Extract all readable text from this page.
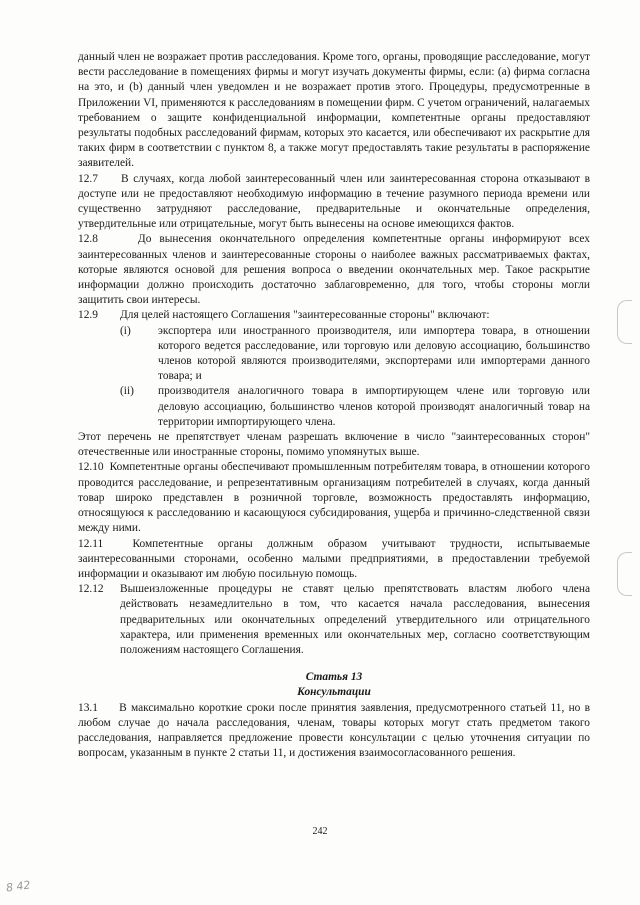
данный член не возражает против расследования. Кроме того, органы, проводящие расследование, могут вести расследование в помещениях фирмы и могут изучать документы фирмы, если: (а) фирма согласна на это, и (b) данный член уведомлен и не возражает против этого. Процедуры, предусмотренные в Приложении VI, применяются к расследованиям в помещении фирм. С учетом ограничений, налагаемых требованием о защите конфиденциальной информации, компетентные органы предоставляют результаты подобных расследований фирмам, которых это касается, или обеспечивают их раскрытие для таких фирм в соответствии с пунктом 8, а также могут предоставлять такие результаты в распоряжение заявителей.

12.7 В случаях, когда любой заинтересованный член или заинтересованная сторона отказывают в доступе или не предоставляют необходимую информацию в течение разумного периода времени или существенно затрудняют расследование, предварительные и окончательные определения, утвердительные или отрицательные, могут быть вынесены на основе имеющихся фактов.

12.8	До вынесения окончательного определения компетентные органы информируют всех заинтересованных членов и заинтересованные стороны о наиболее важных рассматриваемых фактах, которые являются основой для решения вопроса о введении окончательных мер. Такое раскрытие информации должно происходить достаточно заблаговременно, для того, чтобы стороны могли защитить свои интересы.

12.9	Для целей настоящего Соглашения "заинтересованные стороны" включают:
(i)	экспортера или иностранного производителя, или импортера товара, в отношении которого ведется расследование, или торговую или деловую ассоциацию, большинство членов которой являются производителями, экспортерами или импортерами данного товара; и
(ii)	производителя аналогичного товара в импортирующем члене или торговую или деловую ассоциацию, большинство членов которой производят аналогичный товар на территории импортирующего члена.

Этот перечень не препятствует членам разрешать включение в число "заинтересованных сторон" отечественные или иностранные стороны, помимо упомянутых выше.

12.10 Компетентные органы обеспечивают промышленным потребителям товара, в отношении которого проводится расследование, и репрезентативным организациям потребителей в случаях, когда данный товар широко представлен в розничной торговле, возможность предоставлять информацию, относящуюся к расследованию и касающуюся субсидирования, ущерба и причинно-следственной связи между ними.

12.11	Компетентные органы должным образом учитывают трудности, испытываемые заинтересованными сторонами, особенно малыми предприятиями, в предоставлении требуемой информации и оказывают им любую посильную помощь.

12.12	Вышеизложенные процедуры не ставят целью препятствовать властям любого члена действовать незамедлительно в том, что касается начала расследования, вынесения предварительных или окончательных определений утвердительного или отрицательного характера, или применения временных или окончательных мер, согласно соответствующим положениям настоящего Соглашения.
Статья 13
Консультации

13.1 В максимально короткие сроки после принятия заявления, предусмотренного статьей 11, но в любом случае до начала расследования, членам, товары которых могут стать предметом такого расследования, направляется предложение провести консультации с целью уточнения ситуации по вопросам, указанным в пункте 2 статьи 11, и достижения взаимосогласованного решения.

242
8 42
